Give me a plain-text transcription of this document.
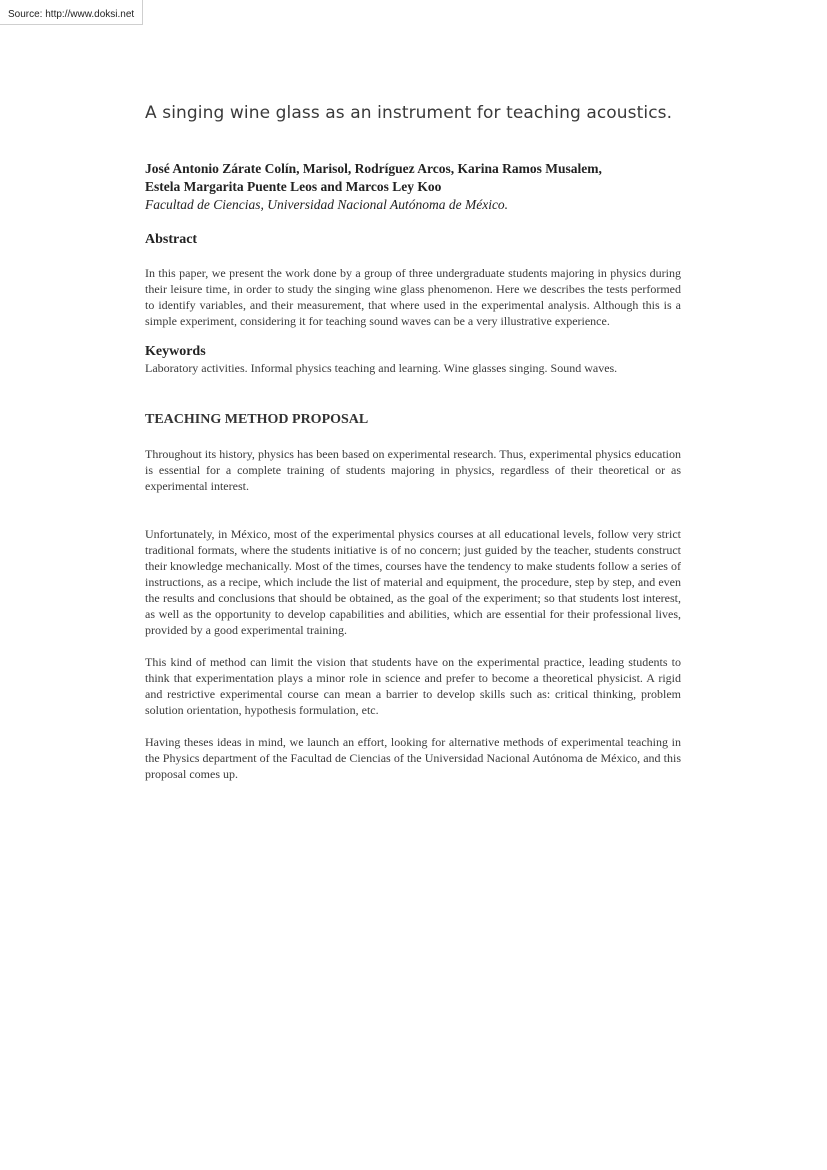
Source: http://www.doksi.net
A singing wine glass as an instrument for teaching acoustics.
José Antonio Zárate Colín, Marisol, Rodríguez Arcos, Karina Ramos Musalem,
Estela Margarita Puente Leos and Marcos Ley Koo
Facultad de Ciencias, Universidad Nacional Autónoma de México.
Abstract

In this paper, we present the work done by a group of three undergraduate students majoring in physics during their leisure time, in order to study the singing wine glass phenomenon. Here we describes the tests performed to identify variables, and their measurement, that where used in the experimental analysis. Although this is a simple experiment, considering it for teaching sound waves can be a very illustrative experience.

Keywords

Laboratory activities. Informal physics teaching and learning. Wine glasses singing. Sound waves.

TEACHING METHOD PROPOSAL

Throughout its history, physics has been based on experimental research. Thus, experimental physics education is essential for a complete training of students majoring in physics, regardless of their theoretical or as experimental interest.

Unfortunately, in México, most of the experimental physics courses at all educational levels, follow very strict traditional formats, where the students initiative is of no concern; just guided by the teacher, students construct their knowledge mechanically. Most of the times, courses have the tendency to make students follow a series of instructions, as a recipe, which include the list of material and equipment, the procedure, step by step, and even the results and conclusions that should be obtained, as the goal of the experiment; so that students lost interest, as well as the opportunity to develop capabilities and abilities, which are essential for their professional lives, provided by a good experimental training.

This kind of method can limit the vision that students have on the experimental practice, leading students to think that experimentation plays a minor role in science and prefer to become a theoretical physicist. A rigid and restrictive experimental course can mean a barrier to develop skills such as: critical thinking, problem solution orientation, hypothesis formulation, etc.

Having theses ideas in mind, we launch an effort, looking for alternative methods of experimental teaching in the Physics department of the Facultad de Ciencias of the Universidad Nacional Autónoma de México, and this proposal comes up.
